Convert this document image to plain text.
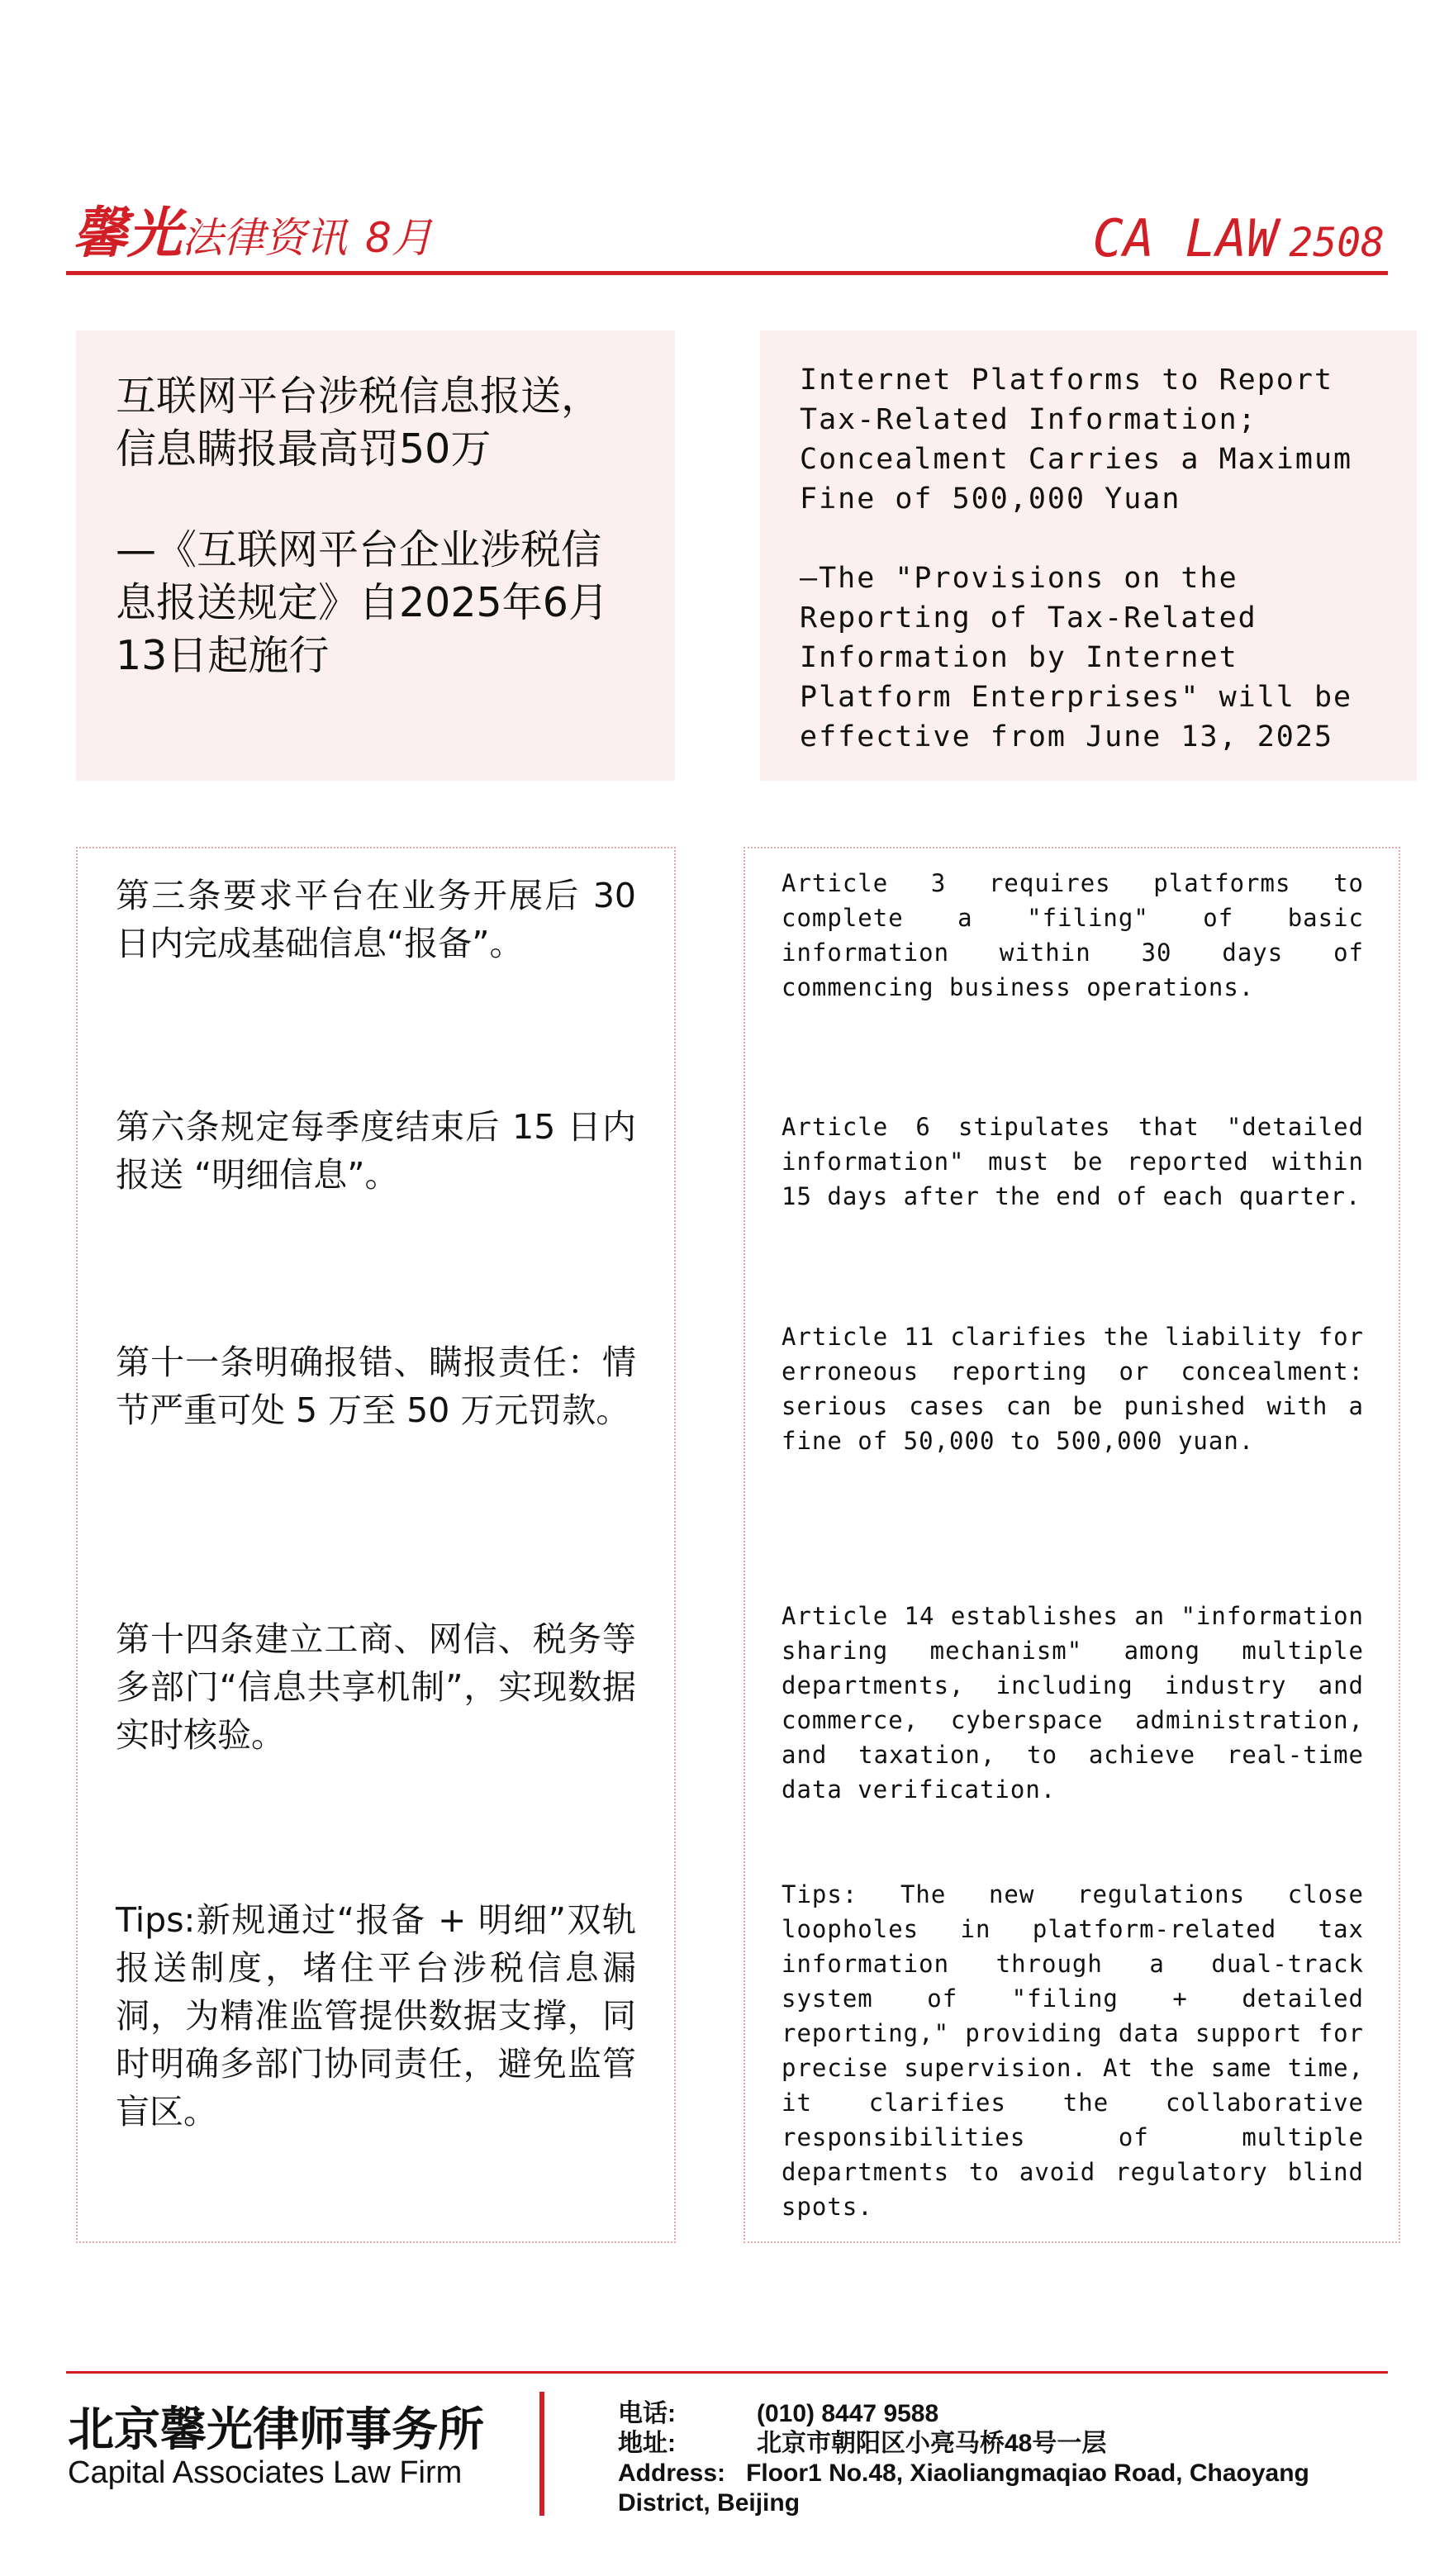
馨光法律资讯 8月	CA LAW 2508
互联网平台涉税信息报送，信息瞒报最高罚50万
—《互联网平台企业涉税信息报送规定》自2025年6月13日起施行
Internet Platforms to Report Tax-Related Information; Concealment Carries a Maximum Fine of 500,000 Yuan
—The "Provisions on the Reporting of Tax-Related Information by Internet Platform Enterprises" will be effective from June 13, 2025
第三条要求平台在业务开展后 30 日内完成基础信息“报备”。
第六条规定每季度结束后 15 日内报送 “明细信息”。
第十一条明确报错、瞒报责任：情节严重可处 5 万至 50 万元罚款。
第十四条建立工商、网信、税务等多部门“信息共享机制”，实现数据实时核验。
Tips:新规通过“报备 + 明细”双轨报送制度，堵住平台涉税信息漏洞，为精准监管提供数据支撑，同时明确多部门协同责任，避免监管盲区。
Article 3 requires platforms to complete a "filing" of basic information within 30 days of commencing business operations.
Article 6 stipulates that "detailed information" must be reported within 15 days after the end of each quarter.
Article 11 clarifies the liability for erroneous reporting or concealment: serious cases can be punished with a fine of 50,000 to 500,000 yuan.
Article 14 establishes an "information sharing mechanism" among multiple departments, including industry and commerce, cyberspace administration, and taxation, to achieve real-time data verification.
Tips: The new regulations close loopholes in platform-related tax information through a dual-track system of "filing + detailed reporting," providing data support for precise supervision. At the same time, it clarifies the collaborative responsibilities of multiple departments to avoid regulatory blind spots.
北京馨光律师事务所
Capital Associates Law Firm
电话:	(010) 8447 9588
地址:	北京市朝阳区小亮马桥48号一层
Address: Floor1 No.48, Xiaoliangmaqiao Road, Chaoyang District, Beijing
